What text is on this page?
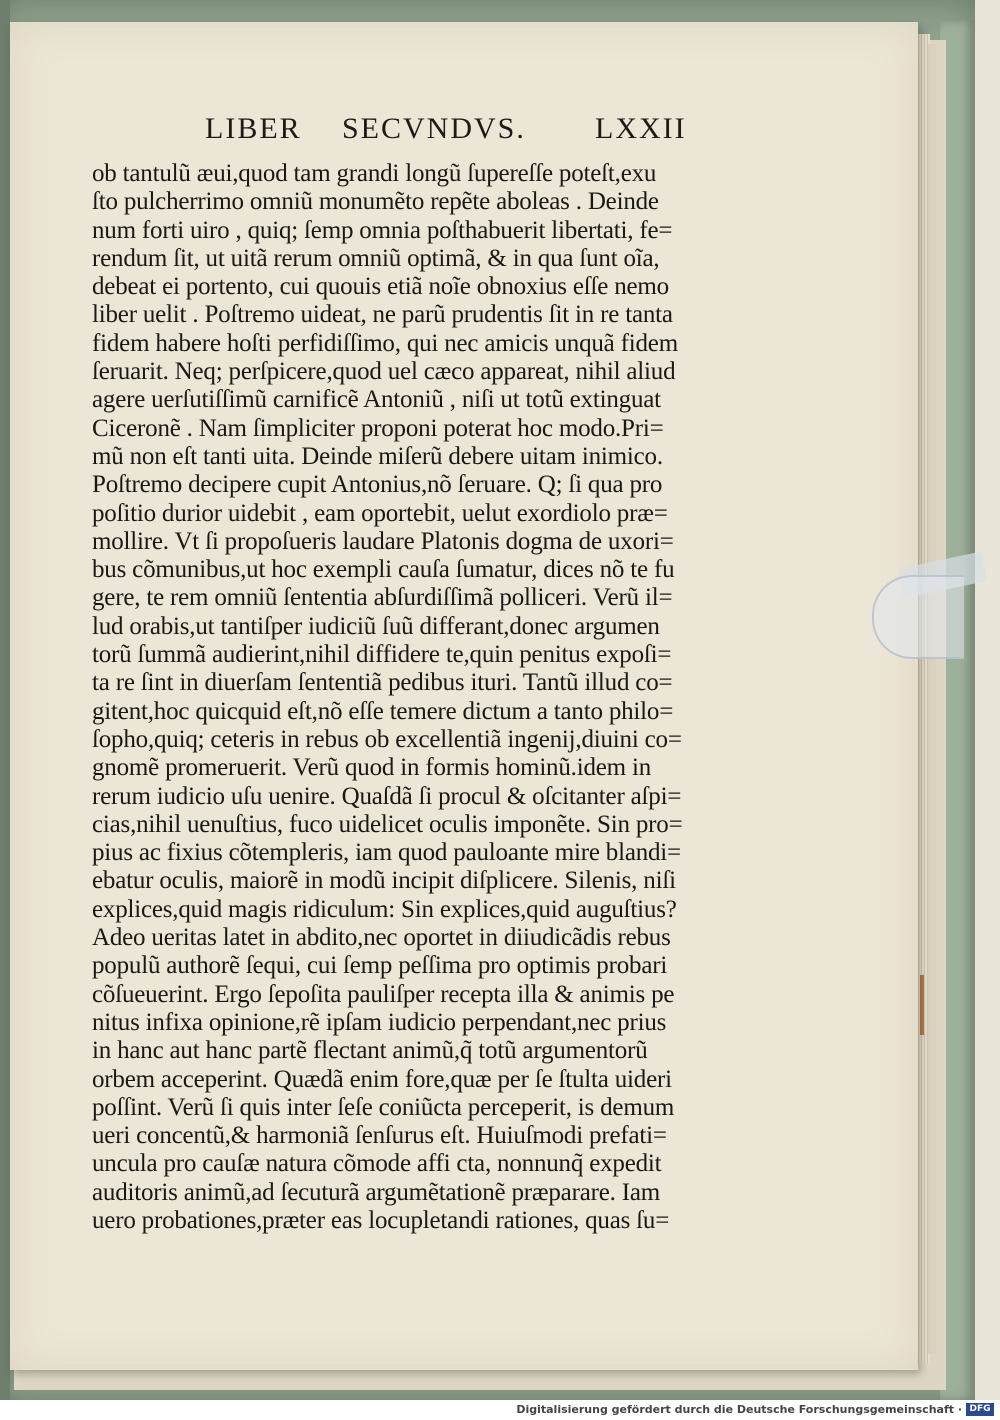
LIBER SECVNDVS. LXXII
ob tantulũ æui,quod tam grandi longũ ſupereſſe poteſt,exu
ſto pulcherrimo omniũ monumẽto repẽte aboleas . Deinde
num forti uiro , quiq; ſemp omnia poſthabuerit libertati, fe=
rendum ſit, ut uitã rerum omniũ optimã, & in qua ſunt oĩa,
debeat ei portento, cui quouis etiã noĩe obnoxius eſſe nemo
liber uelit . Poſtremo uideat, ne parũ prudentis ſit in re tanta
fidem habere hoſti perfidiſſimo, qui nec amicis unquã fidem
ſeruarit. Neq; perſpicere,quod uel cæco appareat, nihil aliud
agere uerſutiſſimũ carnificẽ Antoniũ , niſi ut totũ extinguat
Ciceronẽ . Nam ſimpliciter proponi poterat hoc modo.Pri=
mũ non eſt tanti uita. Deinde miſerũ debere uitam inimico.
Poſtremo decipere cupit Antonius,nõ ſeruare. Q; ſi qua pro
poſitio durior uidebit , eam oportebit, uelut exordiolo præ=
mollire. Vt ſi propoſueris laudare Platonis dogma de uxori=
bus cõmunibus,ut hoc exempli cauſa ſumatur, dices nõ te fu
gere, te rem omniũ ſententia abſurdiſſimã polliceri. Verũ il=
lud orabis,ut tantiſper iudiciũ ſuũ differant,donec argumen
torũ ſummã audierint,nihil diffidere te,quin penitus expoſi=
ta re ſint in diuerſam ſententiã pedibus ituri. Tantũ illud co=
gitent,hoc quicquid eſt,nõ eſſe temere dictum a tanto philo=
ſopho,quiq; ceteris in rebus ob excellentiã ingenij,diuini co=
gnomẽ promeruerit. Verũ quod in formis hominũ.idem in
rerum iudicio uſu uenire. Quaſdã ſi procul & oſcitanter aſpi=
cias,nihil uenuſtius, fuco uidelicet oculis imponẽte. Sin pro=
pius ac fixius cõtempleris, iam quod pauloante mire blandi=
ebatur oculis, maiorẽ in modũ incipit diſplicere. Silenis, niſi
explices,quid magis ridiculum: Sin explices,quid auguſtius?
Adeo ueritas latet in abdito,nec oportet in diiudicãdis rebus
populũ authorẽ ſequi, cui ſemp peſſima pro optimis probari
cõſueuerint. Ergo ſepoſita pauliſper recepta illa & animis pe
nitus infixa opinione,rẽ ipſam iudicio perpendant,nec prius
in hanc aut hanc partẽ flectant animũ,q̃ totũ argumentorũ
orbem acceperint. Quædã enim fore,quæ per ſe ſtulta uideri
poſſint. Verũ ſi quis inter ſeſe coniũcta perceperit, is demum
ueri concentũ,& harmoniã ſenſurus eſt. Huiuſmodi prefati=
uncula pro cauſæ natura cõmode affi cta, nonnunq̃ expedit
auditoris animũ,ad ſecuturã argumẽtationẽ præparare. Iam
uero probationes,præter eas locupletandi rationes, quas ſu=
Digitalisierung gefördert durch die Deutsche Forschungsgemeinschaft · DFG
